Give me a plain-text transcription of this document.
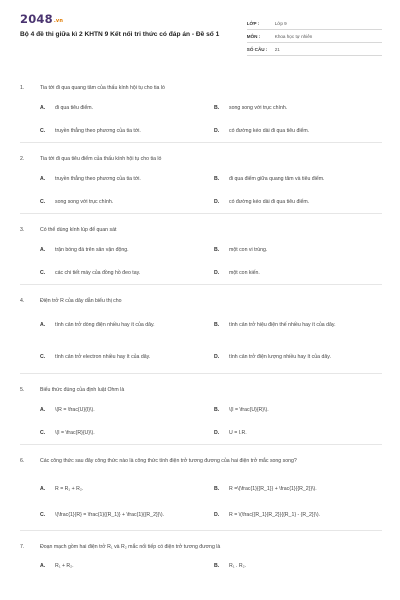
2048.vn
Bộ 4 đề thi giữa kì 2 KHTN 9 Kết nối tri thức có đáp án - Đề số 1
LỚP :	Lớp 9
MÔN :	Khoa học tự nhiên
SỐ CÂU :	21
1.	Tia tới đi qua quang tâm của thấu kính hội tụ cho tia ló
A.	đi qua tiêu điểm.	B.	song song với trục chính.
C.	truyền thẳng theo phương của tia tới.	D.	có đường kéo dài đi qua tiêu điểm.
2.	Tia tới đi qua tiêu điểm của thấu kính hội tụ cho tia ló
A.	truyền thẳng theo phương của tia tới.	B.	đi qua điểm giữa quang tâm và tiêu điểm.
C.	song song với trục chính.	D.	có đường kéo dài đi qua tiêu điểm.
3.	Có thể dùng kính lúp để quan sát
A.	trận bóng đá trên sân vận động.	B.	một con vi trùng.
C.	các chi tiết máy của đồng hồ đeo tay.	D.	một con kiến.
4.	Điện trở R của dây dẫn biểu thị cho
A.	tính cản trở dòng điện nhiều hay ít của dây.	B.	tính cản trở hiệu điện thế nhiều hay ít của dây.
C.	tính cản trở electron nhiều hay ít của dây.	D.	tính cản trở điện lượng nhiều hay ít của dây.
5.	Biểu thức đúng của định luật Ohm là
A.	\(R = \frac{U}{I}\).	B.	\(I = \frac{U}{R}\).
C.	\(I = \frac{R}{U}\).	D.	U = I.R.
6.	Các công thức sau đây công thức nào là công thức tính điện trở tương đương của hai điện trở mắc song song?
A.	R = R₁ + R₂.	B.	R =\(\frac{1}{{R_1}} + \frac{1}{{R_2}}\).
C.	\(\frac{1}{R} = \frac{1}{{R_1}} + \frac{1}{{R_2}}\).	D.	R = \(\frac{{R_1}{R_2}}{{R_1} - {R_2}}\).
7.	Đoạn mạch gồm hai điện trở R₁ và R₂ mắc nối tiếp có điện trở tương đương là
A.	R₁ + R₂.	B.	R₁ . R₂.
